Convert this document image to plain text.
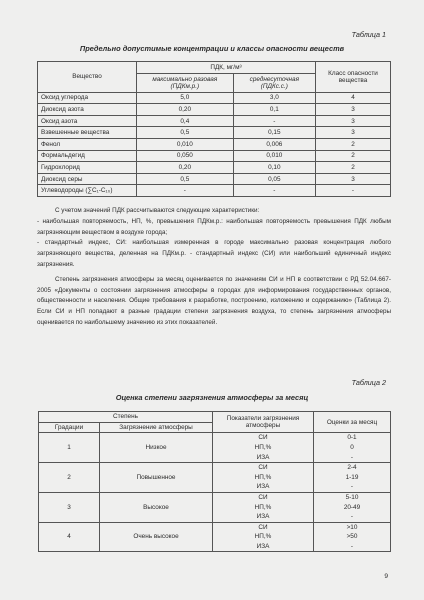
Таблица 1
Предельно допустимые концентрации и классы опасности веществ
Вещество	ПДК, мг/м³		Класс опасности вещества
	максимально разовая (ПДКм.р.)	среднесуточная (ПДКс.с.)	
Оксид углерода	5,0	3,0	4
Диоксид азота	0,20	0,1	3
Оксид азота	0,4	-	3
Взвешенные вещества	0,5	0,15	3
Фенол	0,010	0,006	2
Формальдегид	0,050	0,010	2
Гидрохлорид	0,20	0,10	2
Диоксид серы	0,5	0,05	3
Углеводороды (∑C₁-C₁₀)	-	-	-

С учетом значений ПДК рассчитываются следующие характеристики:

- наибольшая повторяемость, НП, %, превышения ПДКм.р.: наибольшая повторяемость превышения ПДК любым загрязняющим веществом в воздухе города;

- стандартный индекс, СИ: наибольшая измеренная в городе максимально разовая концентрация любого загрязняющего вещества, деленная на ПДКм.р. - стандартный индекс (СИ) или наибольший единичный индекс загрязнения.

Степень загрязнения атмосферы за месяц оценивается по значениям СИ и НП в соответствии с РД 52.04.667-2005 «Документы о состоянии загрязнения атмосферы в городах для информирования государственных органов, общественности и населения. Общие требования к разработке, построению, изложению и содержанию» (Таблица 2). Если СИ и НП попадают в разные градации степени загрязнения воздуха, то степень загрязнения атмосферы оценивается по наибольшему значению из этих показателей.

Таблица 2
Оценка степени загрязнения атмосферы за месяц
Степень		Показатели загрязнения атмосферы	Оценки за месяц
Градации	Загрязнение атмосферы		
1	Низкое	СИ	0-1
		НП,%	0
		ИЗА	-
2	Повышенное	СИ	2-4
		НП,%	1-19
		ИЗА	-
3	Высокое	СИ	5-10
		НП,%	20-49
		ИЗА	-
4	Очень высокое	СИ	>10
		НП,%	>50
		ИЗА	-
9
